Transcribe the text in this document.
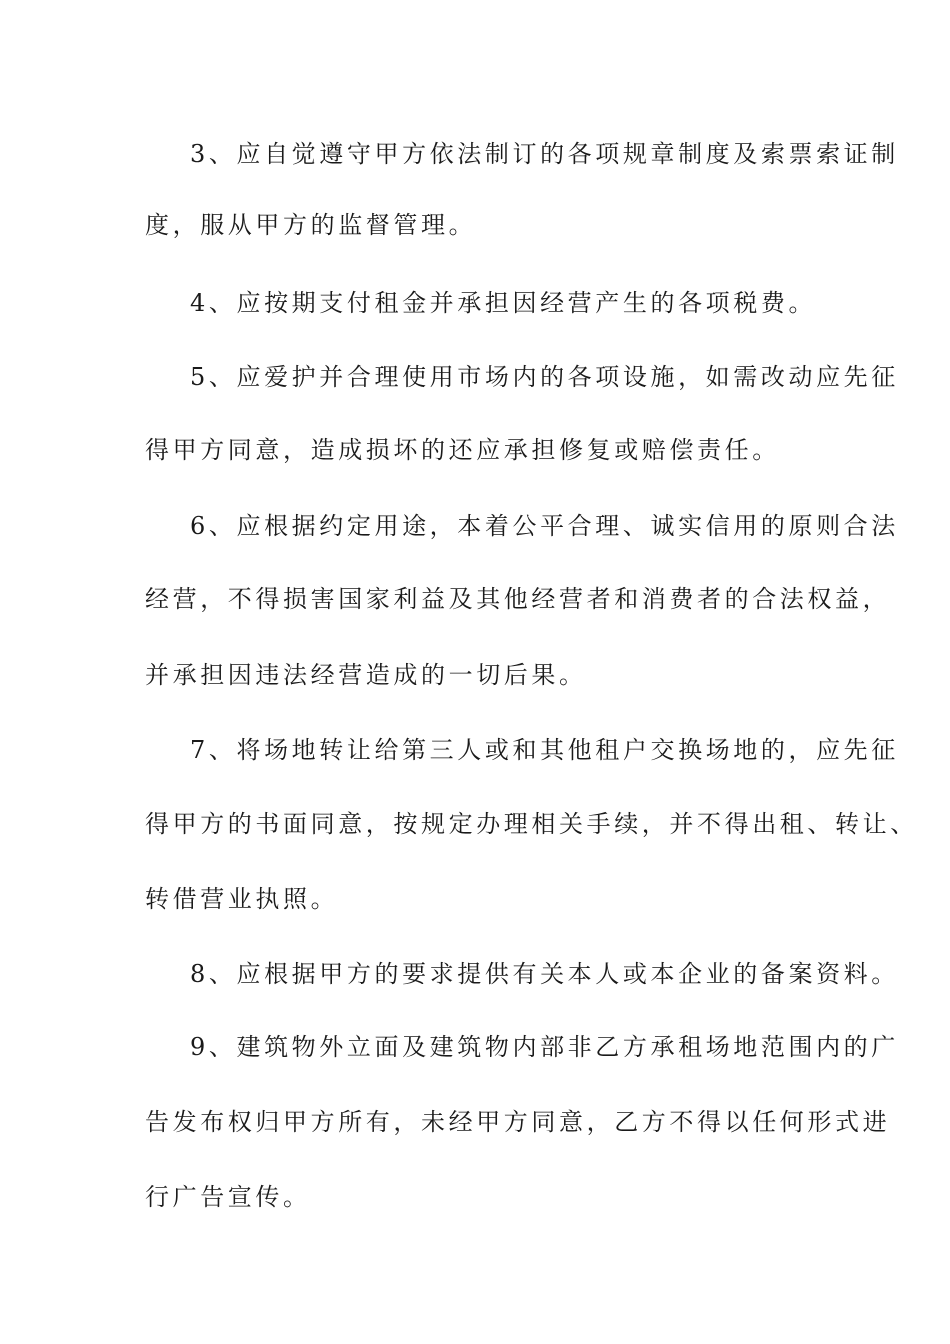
3、应自觉遵守甲方依法制订的各项规章制度及索票索证制
度，服从甲方的监督管理。
4、应按期支付租金并承担因经营产生的各项税费。
5、应爱护并合理使用市场内的各项设施，如需改动应先征
得甲方同意，造成损坏的还应承担修复或赔偿责任。
6、应根据约定用途，本着公平合理、诚实信用的原则合法
经营，不得损害国家利益及其他经营者和消费者的合法权益，
并承担因违法经营造成的一切后果。
7、将场地转让给第三人或和其他租户交换场地的，应先征
得甲方的书面同意，按规定办理相关手续，并不得出租、转让、
转借营业执照。
8、应根据甲方的要求提供有关本人或本企业的备案资料。
9、建筑物外立面及建筑物内部非乙方承租场地范围内的广
告发布权归甲方所有，未经甲方同意，乙方不得以任何形式进
行广告宣传。
